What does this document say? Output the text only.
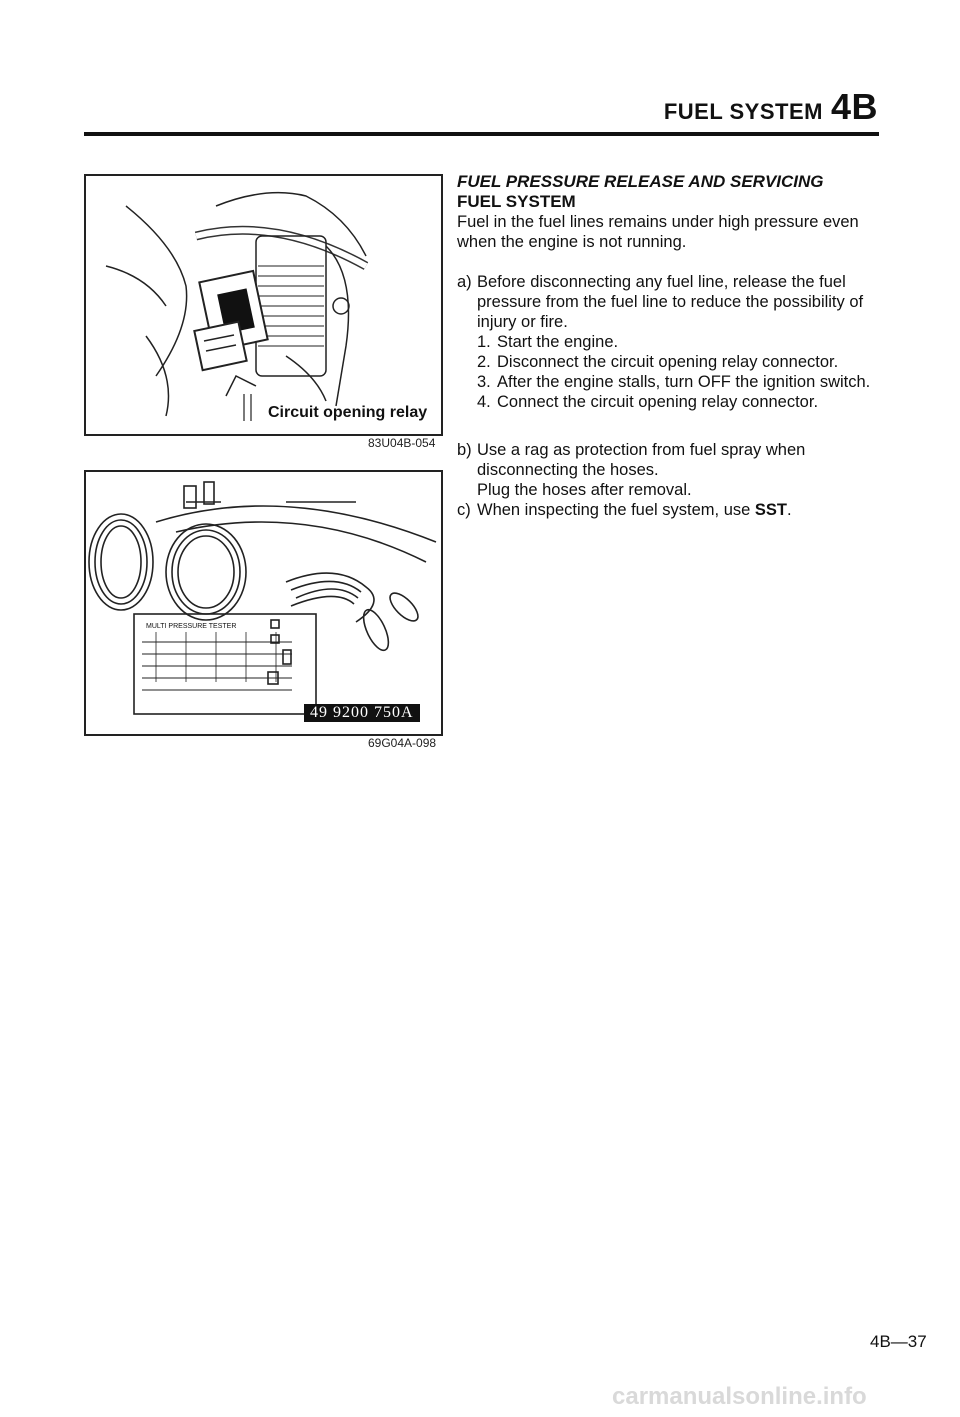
FUEL SYSTEM 4B
Circuit opening relay
83U04B-054
MULTI PRESSURE TESTER
49 9200 750A
69G04A-098
FUEL PRESSURE RELEASE AND SERVICING
FUEL SYSTEM

Fuel in the fuel lines remains under high pressure even when the engine is not running.

a) Before disconnecting any fuel line, release the fuel pressure from the fuel line to reduce the possibility of injury or fire.
1. Start the engine.
2. Disconnect the circuit opening relay connector.
3. After the engine stalls, turn OFF the ignition switch.
4. Connect the circuit opening relay connector.
b) Use a rag as protection from fuel spray when disconnecting the hoses.
Plug the hoses after removal.
c) When inspecting the fuel system, use SST.
4B—37
carmanualsonline.info
